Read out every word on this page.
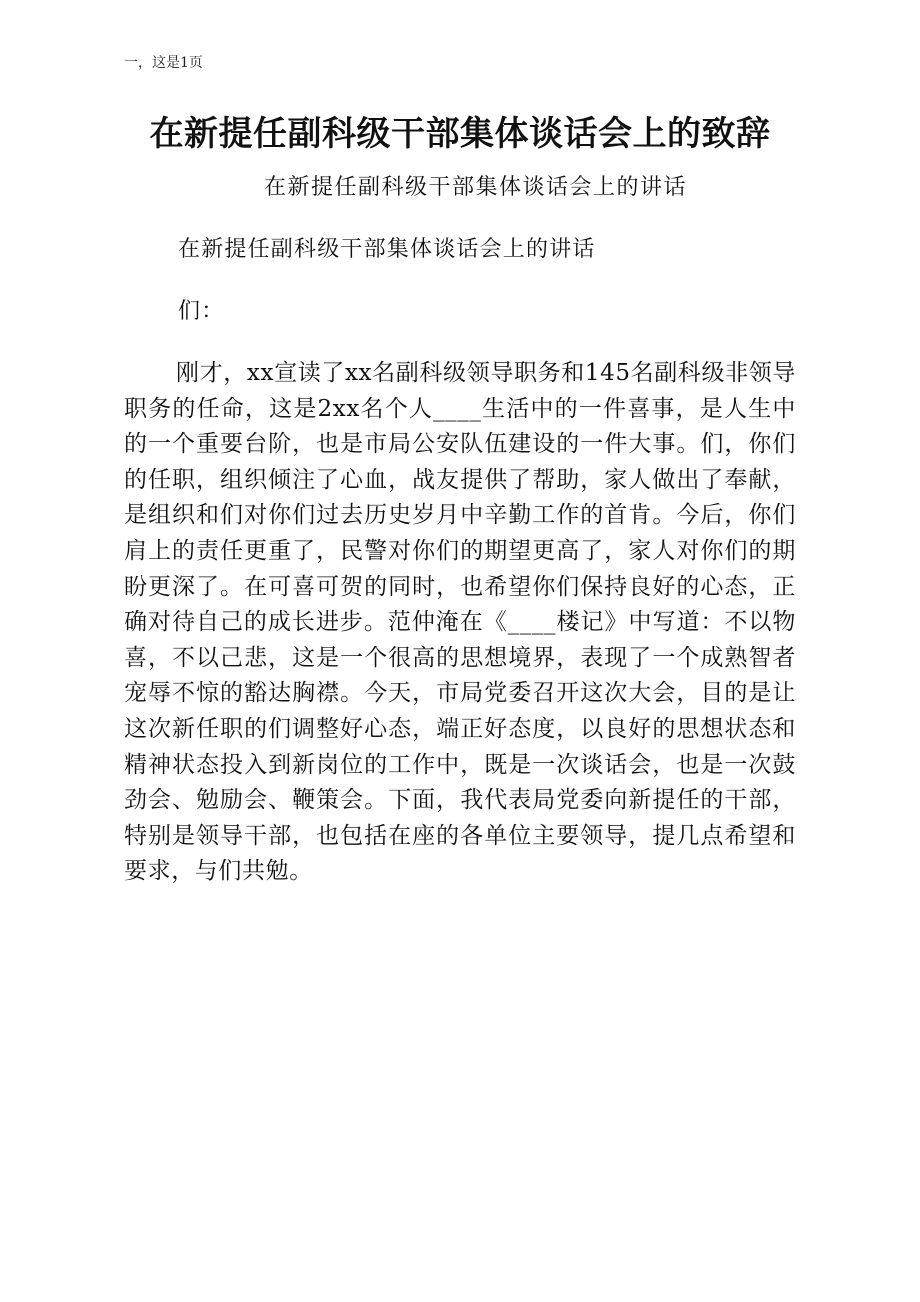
一，这是1页
在新提任副科级干部集体谈话会上的致辞
在新提任副科级干部集体谈话会上的讲话
在新提任副科级干部集体谈话会上的讲话
们：

刚才，xx宣读了xx名副科级领导职务和145名副科级非领导职务的任命，这是2xx名个人____生活中的一件喜事，是人生中的一个重要台阶，也是市局公安队伍建设的一件大事。们，你们的任职，组织倾注了心血，战友提供了帮助，家人做出了奉献，是组织和们对你们过去历史岁月中辛勤工作的首肯。今后，你们肩上的责任更重了，民警对你们的期望更高了，家人对你们的期盼更深了。在可喜可贺的同时，也希望你们保持良好的心态，正确对待自己的成长进步。范仲淹在《____楼记》中写道：不以物喜，不以己悲，这是一个很高的思想境界，表现了一个成熟智者宠辱不惊的豁达胸襟。今天，市局党委召开这次大会，目的是让这次新任职的们调整好心态，端正好态度，以良好的思想状态和精神状态投入到新岗位的工作中，既是一次谈话会，也是一次鼓劲会、勉励会、鞭策会。下面，我代表局党委向新提任的干部，特别是领导干部，也包括在座的各单位主要领导，提几点希望和要求，与们共勉。
